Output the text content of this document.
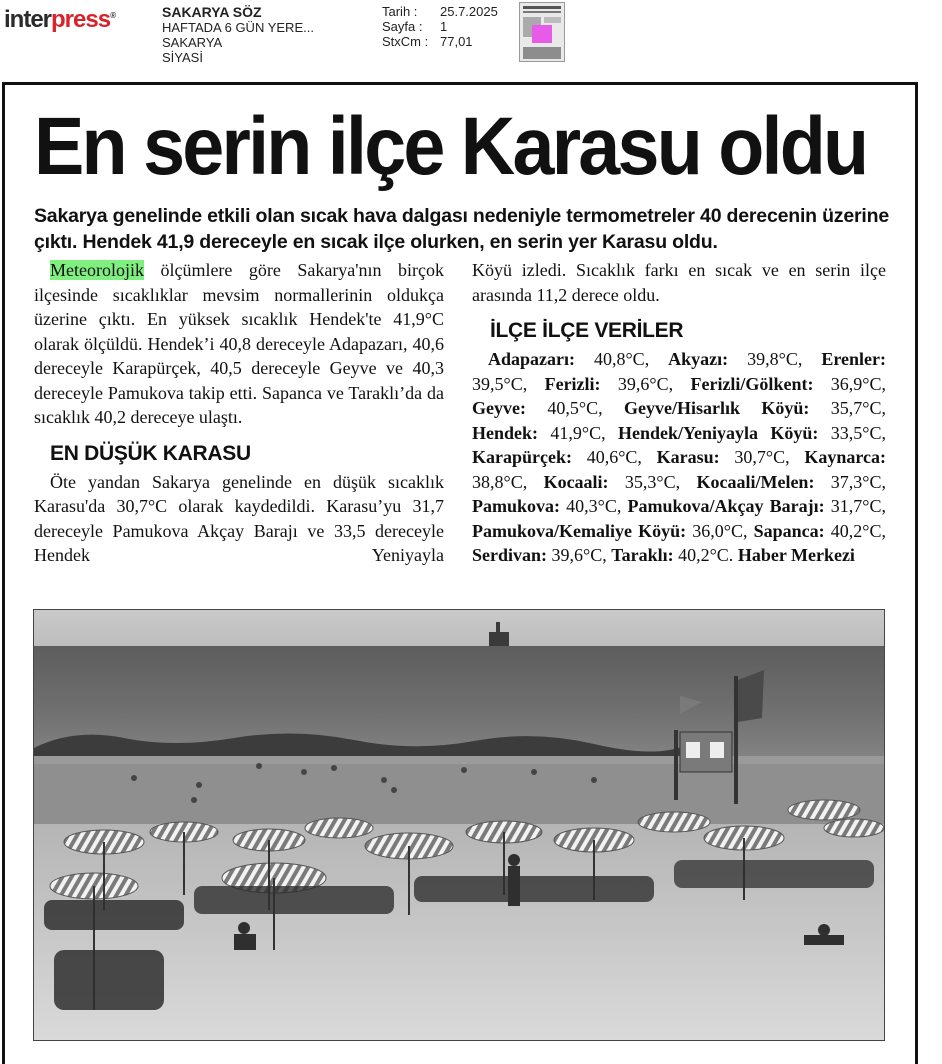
interpress®	SAKARYA SÖZ
HAFTADA 6 GÜN YERE...
SAKARYA
SİYASİ
Tarih :	25.7.2025
Sayfa :	1
StxCm : 77,01
En serin ilçe Karasu oldu
Sakarya genelinde etkili olan sıcak hava dalgası nedeniyle termometreler 40 derecenin üzerine çıktı. Hendek 41,9 dereceyle en sıcak ilçe olurken, en serin yer Karasu oldu.

Meteorolojik ölçümlere göre Sakarya'nın birçok ilçesinde sıcaklıklar mevsim normallerinin oldukça üzerine çıktı. En yüksek sıcaklık Hendek'te 41,9°C olarak ölçüldü. Hendek’i 40,8 dereceyle Adapazarı, 40,6 dereceyle Karapürçek, 40,5 dereceyle Geyve ve 40,3 dereceyle Pamukova takip etti. Sapanca ve Taraklı’da da sıcaklık 40,2 dereceye ulaştı.

EN DÜŞÜK KARASU

Öte yandan Sakarya genelinde en düşük sıcaklık Karasu'da 30,7°C olarak kaydedildi. Karasu’yu 31,7 dereceyle Pamukova Akçay Barajı ve 33,5 dereceyle Hendek Yeniyayla

Köyü izledi. Sıcaklık farkı en sıcak ve en serin ilçe arasında 11,2 derece oldu.

İLÇE İLÇE VERİLER

Adapazarı: 40,8°C, Akyazı: 39,8°C, Erenler: 39,5°C, Ferizli: 39,6°C, Ferizli/Gölkent: 36,9°C, Geyve: 40,5°C, Geyve/Hisarlık Köyü: 35,7°C, Hendek: 41,9°C, Hendek/Yeniyayla Köyü: 33,5°C, Karapürçek: 40,6°C, Karasu: 30,7°C, Kaynarca: 38,8°C, Kocaali: 35,3°C, Kocaali/Melen: 37,3°C, Pamukova: 40,3°C, Pamukova/Akçay Barajı: 31,7°C, Pamukova/Kemaliye Köyü: 36,0°C, Sapanca: 40,2°C, Serdivan: 39,6°C, Taraklı: 40,2°C. Haber Merkezi
